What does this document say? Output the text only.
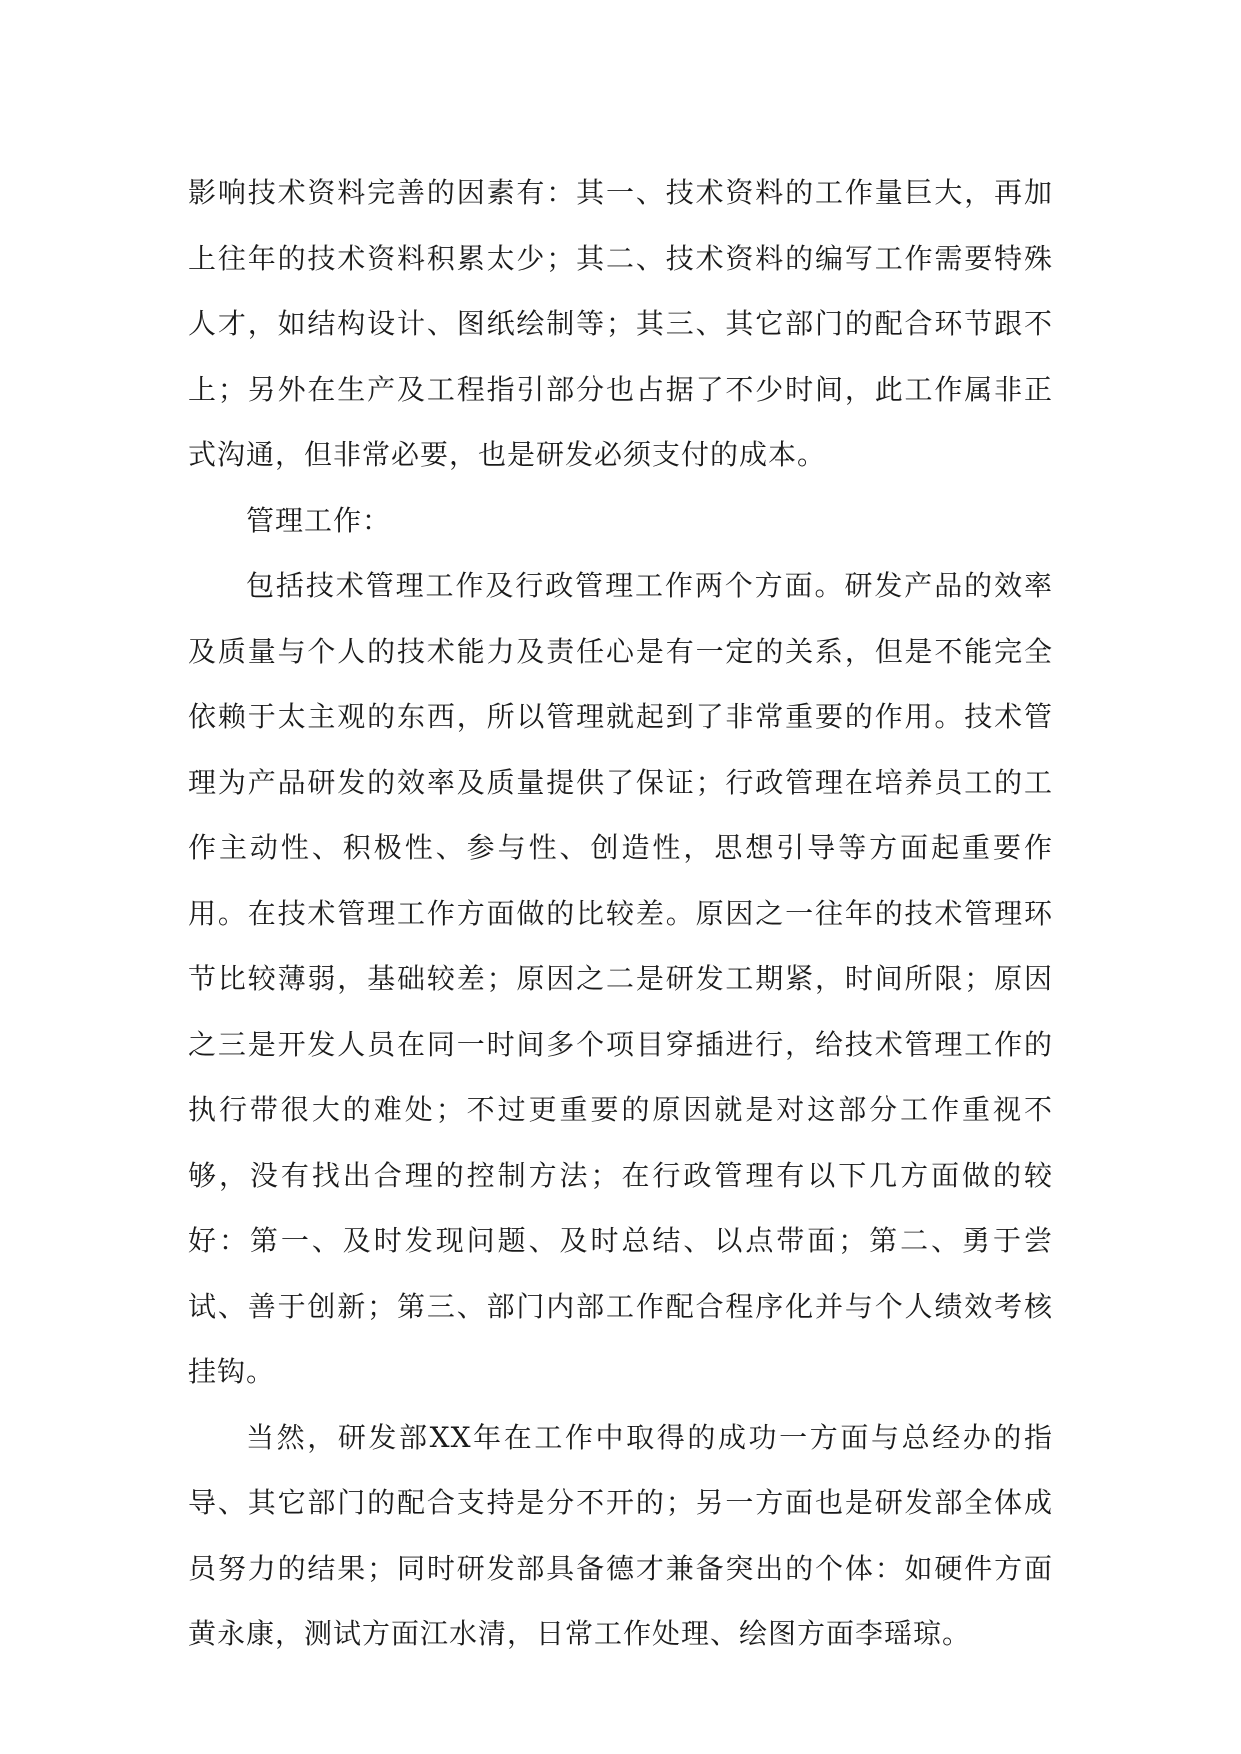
影响技术资料完善的因素有：其一、技术资料的工作量巨大，再加上往年的技术资料积累太少；其二、技术资料的编写工作需要特殊人才，如结构设计、图纸绘制等；其三、其它部门的配合环节跟不上；另外在生产及工程指引部分也占据了不少时间，此工作属非正式沟通，但非常必要，也是研发必须支付的成本。

管理工作：

包括技术管理工作及行政管理工作两个方面。研发产品的效率及质量与个人的技术能力及责任心是有一定的关系，但是不能完全依赖于太主观的东西，所以管理就起到了非常重要的作用。技术管理为产品研发的效率及质量提供了保证；行政管理在培养员工的工作主动性、积极性、参与性、创造性，思想引导等方面起重要作用。在技术管理工作方面做的比较差。原因之一往年的技术管理环节比较薄弱，基础较差；原因之二是研发工期紧，时间所限；原因之三是开发人员在同一时间多个项目穿插进行，给技术管理工作的执行带很大的难处；不过更重要的原因就是对这部分工作重视不够，没有找出合理的控制方法；在行政管理有以下几方面做的较好：第一、及时发现问题、及时总结、以点带面；第二、勇于尝试、善于创新；第三、部门内部工作配合程序化并与个人绩效考核挂钩。

当然，研发部XX年在工作中取得的成功一方面与总经办的指导、其它部门的配合支持是分不开的；另一方面也是研发部全体成员努力的结果；同时研发部具备德才兼备突出的个体：如硬件方面黄永康，测试方面江水清，日常工作处理、绘图方面李瑶琼。
